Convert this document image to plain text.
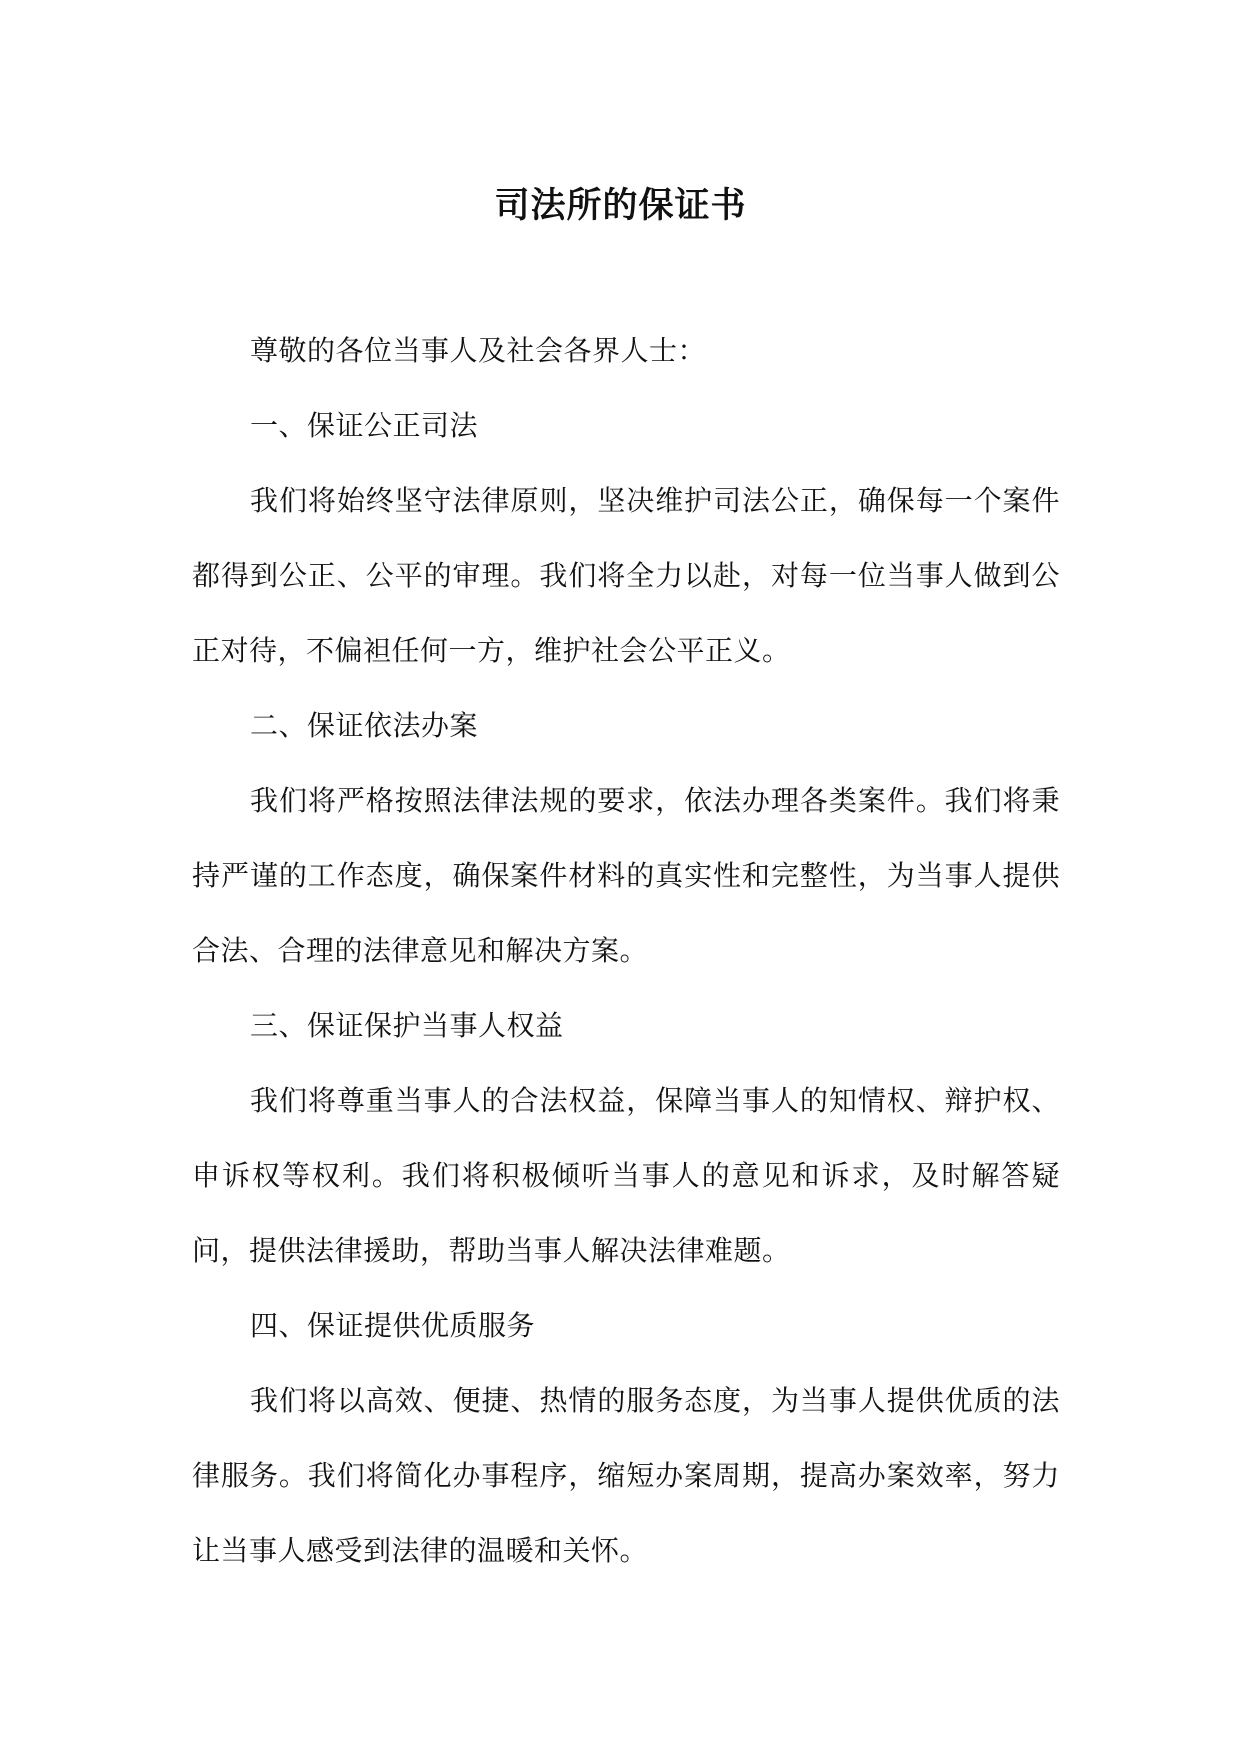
司法所的保证书

尊敬的各位当事人及社会各界人士：

一、保证公正司法

我们将始终坚守法律原则，坚决维护司法公正，确保每一个案件都得到公正、公平的审理。我们将全力以赴，对每一位当事人做到公正对待，不偏袒任何一方，维护社会公平正义。

二、保证依法办案

我们将严格按照法律法规的要求，依法办理各类案件。我们将秉持严谨的工作态度，确保案件材料的真实性和完整性，为当事人提供合法、合理的法律意见和解决方案。

三、保证保护当事人权益

我们将尊重当事人的合法权益，保障当事人的知情权、辩护权、申诉权等权利。我们将积极倾听当事人的意见和诉求，及时解答疑问，提供法律援助，帮助当事人解决法律难题。

四、保证提供优质服务

我们将以高效、便捷、热情的服务态度，为当事人提供优质的法律服务。我们将简化办事程序，缩短办案周期，提高办案效率，努力让当事人感受到法律的温暖和关怀。
